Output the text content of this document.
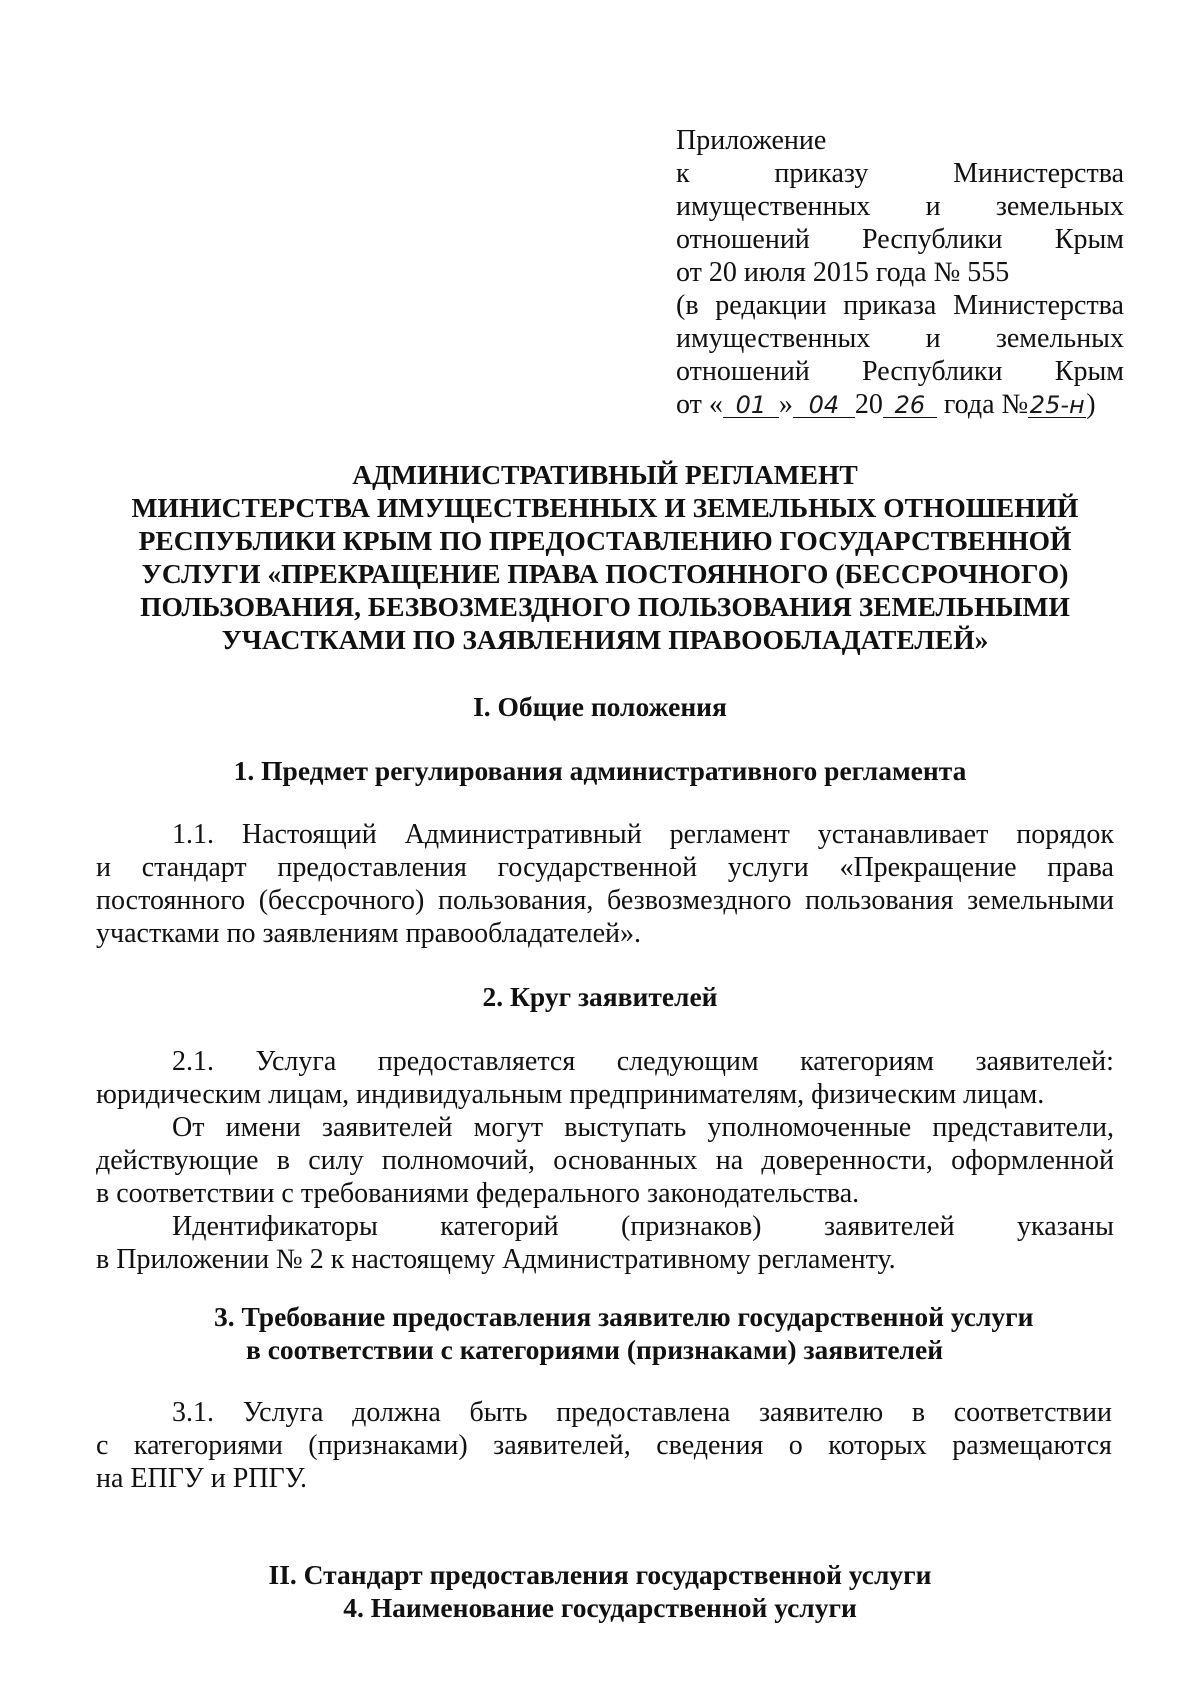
Приложение
к	приказу	Министерства
имущественных и земельных
отношений Республики Крым
от 20 июля 2015 года № 555
(в редакции приказа Министерства
имущественных и земельных
отношений Республики Крым
от « 01 » 04 20 26 года №25-н)
АДМИНИСТРАТИВНЫЙ РЕГЛАМЕНТ
МИНИСТЕРСТВА ИМУЩЕСТВЕННЫХ И ЗЕМЕЛЬНЫХ ОТНОШЕНИЙ
РЕСПУБЛИКИ КРЫМ ПО ПРЕДОСТАВЛЕНИЮ ГОСУДАРСТВЕННОЙ
УСЛУГИ «ПРЕКРАЩЕНИЕ ПРАВА ПОСТОЯННОГО (БЕССРОЧНОГО)
ПОЛЬЗОВАНИЯ, БЕЗВОЗМЕЗДНОГО ПОЛЬЗОВАНИЯ ЗЕМЕЛЬНЫМИ
УЧАСТКАМИ ПО ЗАЯВЛЕНИЯМ ПРАВООБЛАДАТЕЛЕЙ»
I. Общие положения
1. Предмет регулирования административного регламента
1.1. Настоящий Административный регламент устанавливает порядок
и стандарт предоставления государственной услуги «Прекращение права
постоянного (бессрочного) пользования, безвозмездного пользования земельными
участками по заявлениям правообладателей».
2. Круг заявителей
2.1. Услуга предоставляется следующим категориям заявителей:
юридическим лицам, индивидуальным предпринимателям, физическим лицам.
От имени заявителей могут выступать уполномоченные представители,
действующие в силу полномочий, основанных на доверенности, оформленной
в соответствии с требованиями федерального законодательства.
Идентификаторы категорий (признаков) заявителей указаны
в Приложении № 2 к настоящему Административному регламенту.
3. Требование предоставления заявителю государственной услуги
в соответствии с категориями (признаками) заявителей
3.1. Услуга должна быть предоставлена заявителю в соответствии
с категориями (признаками) заявителей, сведения о которых размещаются
на ЕПГУ и РПГУ.
II. Стандарт предоставления государственной услуги
4. Наименование государственной услуги
